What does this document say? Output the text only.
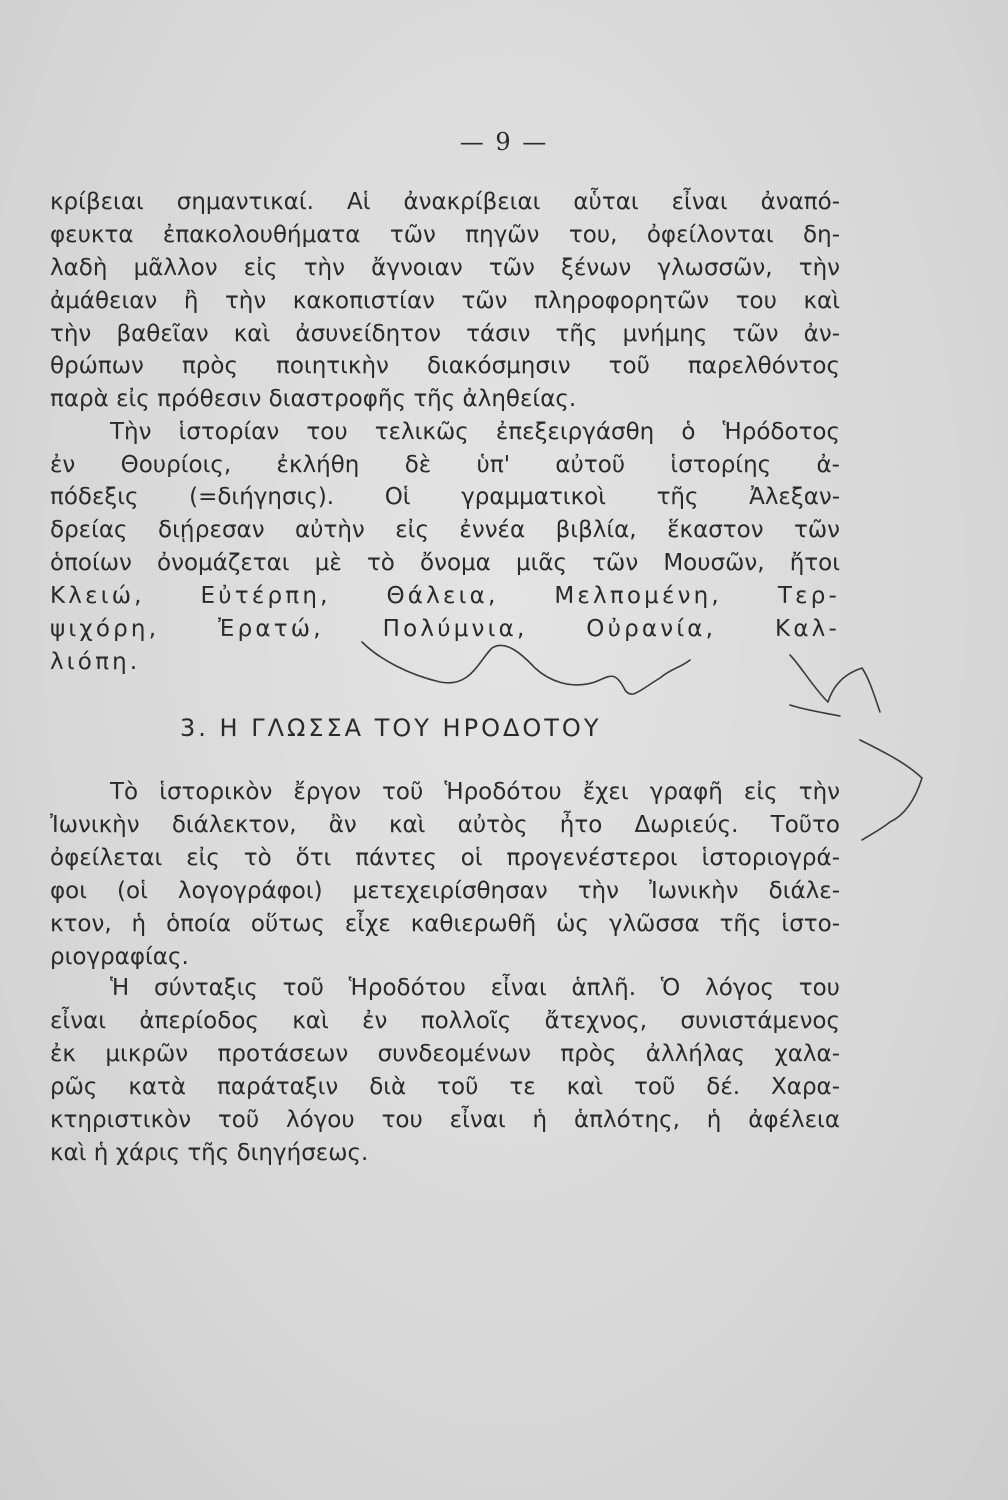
— 9 —
κρίβειαι σημαντικαί. Αἱ ἀνακρίβειαι αὗται εἶναι ἀναπό-
φευκτα ἐπακολουθήματα τῶν πηγῶν του, ὀφείλονται δη-
λαδὴ μᾶλλον εἰς τὴν ἄγνοιαν τῶν ξένων γλωσσῶν, τὴν
ἀμάθειαν ἢ τὴν κακοπιστίαν τῶν πληροφορητῶν του καὶ
τὴν βαθεῖαν καὶ ἀσυνείδητον τάσιν τῆς μνήμης τῶν ἀν-
θρώπων πρὸς ποιητικὴν διακόσμησιν τοῦ παρελθόντος
παρὰ εἰς πρόθεσιν διαστροφῆς τῆς ἀληθείας.
Τὴν ἱστορίαν του τελικῶς ἐπεξειργάσθη ὁ Ἡρόδοτος
ἐν Θουρίοις, ἐκλήθη δὲ ὑπ' αὐτοῦ ἱστορίης ἀ-
πόδεξις (=διήγησις). Οἱ γραμματικοὶ τῆς Ἀλεξαν-
δρείας διῄρεσαν αὐτὴν εἰς ἐννέα βιβλία, ἕκαστον τῶν
ὁποίων ὀνομάζεται μὲ τὸ ὄνομα μιᾶς τῶν Μουσῶν, ἤτοι
Κλειώ, Εὐτέρπη, Θάλεια, Μελπομένη, Τερ-
ψιχόρη, Ἐρατώ, Πολύμνια, Οὐρανία, Καλ-
λιόπη.
3. Η ΓΛΩΣΣΑ ΤΟΥ ΗΡΟΔΟΤΟΥ
Τὸ ἱστορικὸν ἔργον τοῦ Ἡροδότου ἔχει γραφῆ εἰς τὴν
Ἰωνικὴν διάλεκτον, ἂν καὶ αὐτὸς ἦτο Δωριεύς. Τοῦτο
ὀφείλεται εἰς τὸ ὅτι πάντες οἱ προγενέστεροι ἱστοριογρά-
φοι (οἱ λογογράφοι) μετεχειρίσθησαν τὴν Ἰωνικὴν διάλε-
κτον, ἡ ὁποία οὕτως εἶχε καθιερωθῆ ὡς γλῶσσα τῆς ἱστο-
ριογραφίας.
Ἡ σύνταξις τοῦ Ἡροδότου εἶναι ἁπλῆ. Ὁ λόγος του
εἶναι ἀπερίοδος καὶ ἐν πολλοῖς ἄτεχνος, συνιστάμενος
ἐκ μικρῶν προτάσεων συνδεομένων πρὸς ἀλλήλας χαλα-
ρῶς κατὰ παράταξιν διὰ τοῦ τε καὶ τοῦ δέ. Χαρα-
κτηριστικὸν τοῦ λόγου του εἶναι ἡ ἁπλότης, ἡ ἀφέλεια
καὶ ἡ χάρις τῆς διηγήσεως.
